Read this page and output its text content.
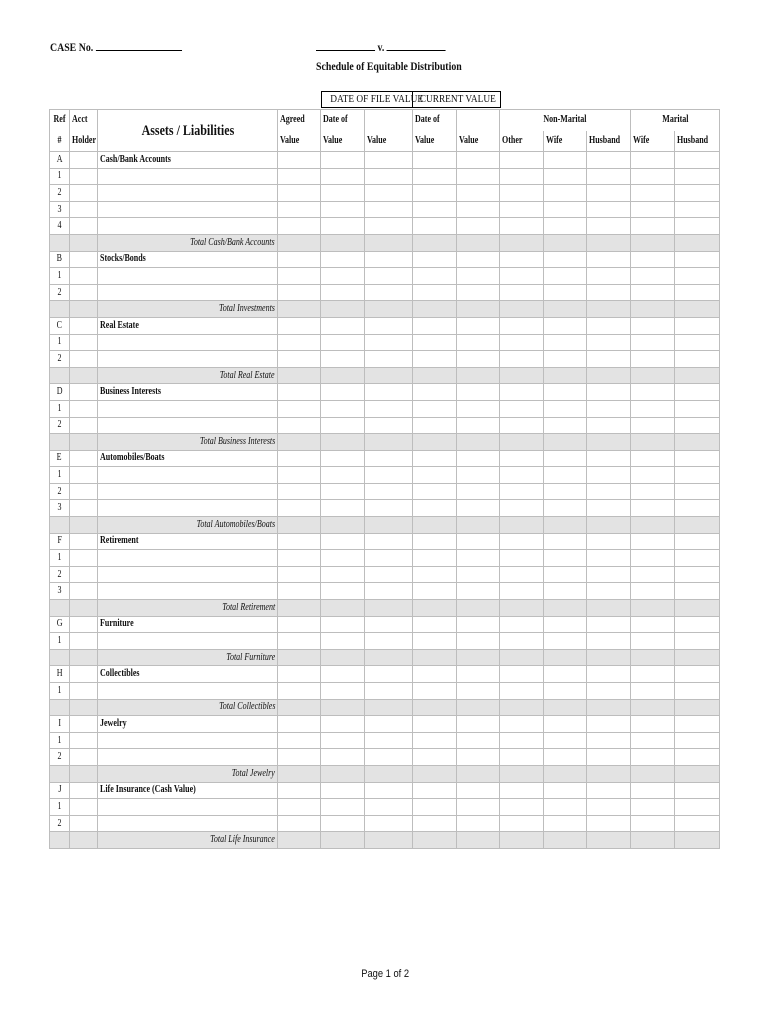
CASE No.	v.
Schedule of Equitable Distribution
DATE OF FILE VALUE
CURRENT VALUE
Ref	Acct	Assets / Liabilities	Agreed	Date of		Date of		Non-Marital			Marital	
#	Holder		Value	Value	Value	Value	Value	Other	Wife	Husband	Wife	Husband
A		Cash/Bank Accounts										
1												
2												
3												
4												
		Total Cash/Bank Accounts										
B		Stocks/Bonds										
1												
2												
		Total Investments										
C		Real Estate										
1												
2												
		Total Real Estate										
D		Business Interests										
1												
2												
		Total Business Interests										
E		Automobiles/Boats										
1												
2												
3												
		Total Automobiles/Boats										
F		Retirement										
1												
2												
3												
		Total Retirement										
G		Furniture										
1												
		Total Furniture										
H		Collectibles										
1												
		Total Collectibles										
I		Jewelry										
1												
2												
		Total Jewelry										
J		Life Insurance (Cash Value)										
1												
2												
		Total Life Insurance										
Page 1 of 2
